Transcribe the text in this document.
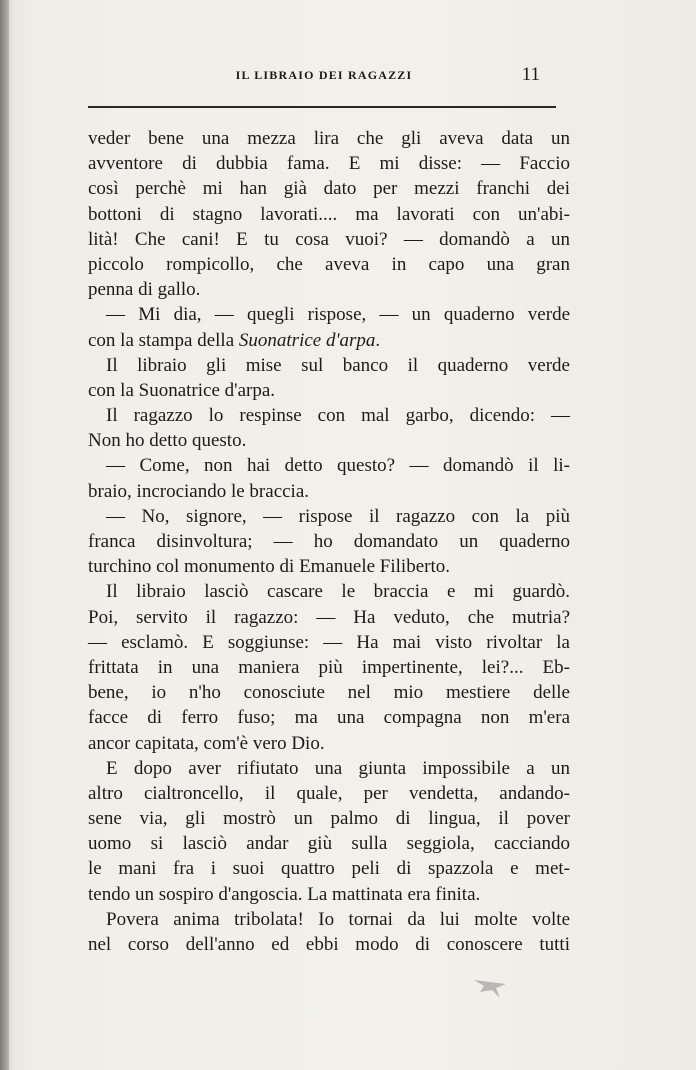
IL LIBRAIO DEI RAGAZZI	11
veder bene una mezza lira che gli aveva data un
avventore di dubbia fama. E mi disse: — Faccio
così perchè mi han già dato per mezzi franchi dei
bottoni di stagno lavorati.... ma lavorati con un'abi-
lità! Che cani! E tu cosa vuoi? — domandò a un
piccolo rompicollo, che aveva in capo una gran
penna di gallo.
— Mi dia, — quegli rispose, — un quaderno verde
con la stampa della Suonatrice d'arpa.
Il libraio gli mise sul banco il quaderno verde
con la Suonatrice d'arpa.
Il ragazzo lo respinse con mal garbo, dicendo: —
Non ho detto questo.
— Come, non hai detto questo? — domandò il li-
braio, incrociando le braccia.
— No, signore, — rispose il ragazzo con la più
franca disinvoltura; — ho domandato un quaderno
turchino col monumento di Emanuele Filiberto.
Il libraio lasciò cascare le braccia e mi guardò.
Poi, servito il ragazzo: — Ha veduto, che mutria?
— esclamò. E soggiunse: — Ha mai visto rivoltar la
frittata in una maniera più impertinente, lei?... Eb-
bene, io n'ho conosciute nel mio mestiere delle
facce di ferro fuso; ma una compagna non m'era
ancor capitata, com'è vero Dio.
E dopo aver rifiutato una giunta impossibile a un
altro cialtroncello, il quale, per vendetta, andando-
sene via, gli mostrò un palmo di lingua, il pover
uomo si lasciò andar giù sulla seggiola, cacciando
le mani fra i suoi quattro peli di spazzola e met-
tendo un sospiro d'angoscia. La mattinata era finita.
Povera anima tribolata! Io tornai da lui molte volte
nel corso dell'anno ed ebbi modo di conoscere tutti
